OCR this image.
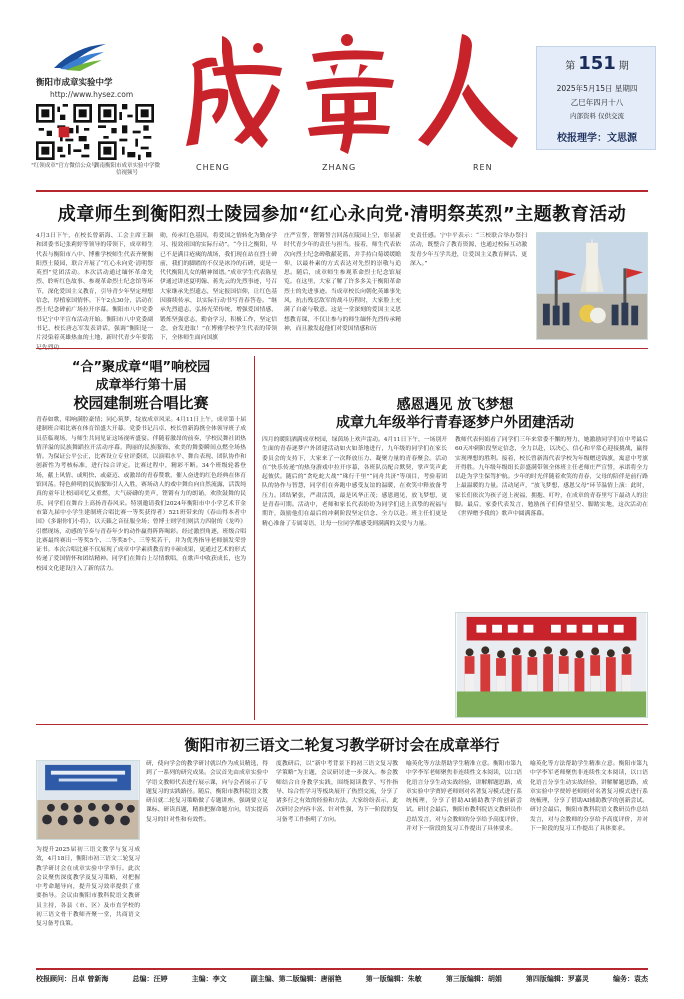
衡阳市成章实验中学
http://www.hysez.com
"红领成章"官方微信公众号
湖南衡阳市成章实验中学微信视频号
CHENG	ZHANG	REN
第 151 期
2025年5月15日 星期四
乙巳年四月十八
内部资料 仅供交流
校报理学：文思源
成章师生到衡阳烈士陵园参加“红心永向党·清明祭英烈”主题教育活动
4月3日下午，在校长曾新海、工会主席王颖和团委书记张莉婷等领导的带领下，成章师生代表与衡阳市八中、博雅学校师生代表齐聚衡阳烈士陵园，联合开展了“红心永向党·清明祭英烈”党团活动。本次活动通过缅怀革命先烈、聆听红色故事、参观革命烈士纪念馆等环节，深化爱国主义教育，引导青少年坚定理想信念，厚植家国情怀。下午2点30分，活动在烈士纪念碑前广场拉开序幕。衡阳市八中党委书记宁中平宣布活动开始。衡阳市八中党委副书记、校长唐志军发表讲话，强调“衡阳是一片浸染着英雄热血的土地，新时代青少年要铭
勋，传承红色基因，将爱国之情转化为勤奋学习、报效祖国的实际行动”。“今日之衡阳，早已不是满目疮痍的战场，我们现在站在烈士碑前，我们的脚踏的不仅是冰冷的石碑，更是一代代衡阳儿女的精神图谱。”成章学生代表陈星伊通过讲述夏明翰、蒋先云的先烈事迹，号召大家继承先烈遗志，坚定报国信仰，让红色基因赓续传承，以实际行动书写青春答卷。“继承先烈遗志，弘扬光荣传统，增强爱国情感，锻炼坚强意志，勤奋学习，积极工作，坚定信念，奋发进取！”在博雅学校学生代表的带领下，全体师生面向国旗
庄严宣誓，铿锵誓言回荡在陵园上空，彰显新时代青少年的责任与担当。接着，师生代表依次向烈士纪念碑敬献花篮，并手持白菊缓缓瞻仰，以最朴素的方式表达对先烈的崇敬与追思。随后，成章师生参观革命烈士纪念馆展览。在这里，大家了解了许多多关于衡阳革命烈士的先进事迹。当成章校长向朝化英雄事先风，抗击残忍敌军的战斗历程时，大家脸上充满了自豪与敬意。这是一堂深刻的爱国主义思想教育课，不仅让参与的师生缅怀先烈传承精神，而且激发起他们对爱国情感和历
史责任感。宁中平表示：“三校联合举办祭扫活动，既整合了教育资源，也通过校际互动激发青少年互学共进，让爱国主义教育鲜活、更深入。”
“合”聚成章“唱”响校园
成章举行第十届
校园建制班合唱比赛
青春如歌，唱响满腔豪情；同心筑梦，绽放成章风采。4月11日上午，成章第十届建制班合唱比赛在体育馆盛大开幕。党委书记吕卓、校长曾新海携全体领导班子成员莅临观场，与师生共同见证这场视听盛宴。伴随着激昂的前奏，学校民舞社团热情洋溢的民族舞蹈拉开活动序幕，陶丽的民族服饰、欢美的舞姿瞬间点燃全场热情。为保证公平公正，比赛设立专业评委团，以演唱水平、舞台表现、团队协作和创新性为考核标准，进行综合评定。比赛过程中，精彩不断。34个班级轮番登场，献上风情、或明快、或豪迈、或激昂的青春赞歌，催人奋进的红色经典在体育馆回荡。特色鲜明的民族服饰引人入胜，赛场动人的戏中舞台向自然流露，活泼纯真的童年让校园回忆又重燃，大气磅礴的美声，铿锵有力的朗诵，欢欣鼓舞的民乐，同学们在舞台上高扬青春风采。特别邀请我们2024年衡阳市中小学艺术节金市第九届中小学生建制班合唱比赛一等奖获得者）521班带来的《春山得本者中国》《多谢你们小将》，以天籁之音征服全场；曾博士则学们则活力四射的《龙吟》引燃现场，动感的节奏与青春年少的动作赢得阵阵喝彩。经过激烈角逐，班级合唱比赛最终赛出一等奖5个、二等奖8个、三等奖若干，并为优秀指导老师颁发荣誉证书。本次合唱比赛不仅展现了成章中学素质教育的丰硕成果，更通过艺术的形式传递了爱国情怀和团结精神。同学们在舞台上尽情歌唱，在歌声中收获成长，也为校园文化建设注入了新的活力。
感恩遇见 放飞梦想
成章九年级举行青春逐梦户外团建活动
四月的暖阳洒满成章校园，绿茵场上欢声雷动。4月11日下午，一场别开生面的青春逐梦户外团建活动如火如荼地进行，九年级的同学们在家长委员会的支持下，大家来了一次释放压力、凝聚力量的青春聚会。活动在“快乐传递”的热身游戏中拉开序幕，各班队员配合默契，掌声笑声此起彼伏。随后的“贪吃蛇大战”“珠行千里”“同舟共济”等项目，考验着团队的协作与智慧，同学们在奔跑中感受友谊的温暖，在欢笑中释放备考压力。团结紧张，严肃活泼，最是风华正茂；感恩遇见，放飞梦想，更是青春可期。活动中，老师和家长代表纷纷为同学们送上真挚的祝福与期许，鼓励他们在最后的冲刺阶段坚定信念、全力以赴。班主任们更是精心准备了专属寄语，让每一位同学都感受到满满的关爱与力量。
教师代表何娟看了同学们三年来常委不懈的努力，她激励同学们在中考最后60天冲刺阶段坚定信念，全力以赴，以决心、信心和平常心迎接挑战，赢得实现理想的胜利。接着，校长曾新海代表学校为年级赠送锦旗，寓意中考旗开得胜。九年级年级组长彭盛满带领全体班主任老师庄严宣誓，承诺将全力以赴为学生保驾护航。少年的时光伴随着欢笑的青春，父母的陪伴是前行路上最温暖的力量。活动尾声，“放飞梦想，感恩父母”环节温情上演：此时，家长们依次为孩子送上祝福，拥抱、叮咛，在成章的青春里写下最动人的注脚。最后，家委代表发言，勉励孩子们仰望星空、脚踏实地，这次活动在《世界赠予我的》歌声中圆满落幕。
衡阳市初三语文二轮复习教学研讨会在成章举行
为提升2025届初三语文教学与复习成效，4月18日，衡阳市初三语文二轮复习教学研讨会在成章实验中学举行。此次会议聚焦深度教学及复习策略，对把握中考命题导向，提升复习效率提供了重要指导。会议由衡阳市教科院语文教研员主持，各县（市、区）及市直学校的初三语文骨干教师齐聚一堂，共商语文复习备考良策。
研，使向学会的教学研讨就以作为成员精选，得到了一系列的研究成果。会议首先由成章实验中学语文教师代表进行展示课，向与会者展示了专题复习的实践路径。随后，衡阳市教科院语文教研员就二轮复习策略做了专题讲座，强调要立足课标、研读真题，精准把握命题方向，切实提高复习的针对性和有效性。
度教研后，以“新中考背景下的初三语文复习教学策略”为主题，会议研讨进一步深入。参会教师结合自身教学实践，围绕阅读教学、写作指导、综合性学习等板块展开了热烈交流，分享了诸多行之有效的经验和方法。大家纷纷表示，此次研讨会内容丰富、针对性强，为下一阶段的复习备考工作指明了方向。
喻英化等方法帮助学生精准立意。衡阳市第九中学李军老师聚焦非连续性文本阅读，以口语化语言分享生动实战经验，讲解解题思路，成章实验中学贾婷老师则对名著复习模式进行系统梳理，分享了借助AI辅助教学的创新尝试。研讨会最后，衡阳市教科院语文教研员作总结发言，对与会教师的分享给予高度评价，并对下一阶段的复习工作提出了具体要求。
喻英化等方法帮助学生精准立意。衡阳市第九中学李军老师聚焦非连续性文本阅读，以口语化语言分享生动实战经验，讲解解题思路，成章实验中学贾婷老师则对名著复习模式进行系统梳理，分享了借助AI辅助教学的创新尝试。研讨会最后，衡阳市教科院语文教研员作总结发言，对与会教师的分享给予高度评价，并对下一阶段的复习工作提出了具体要求。
校报顾问：吕卓 曾新海	总编：汪婷	主编：李文	副主编、第二版编辑：唐丽艳	第一版编辑：朱敏	第三版编辑：胡娟	第四版编辑：罗嘉灵	编务：袁杰
